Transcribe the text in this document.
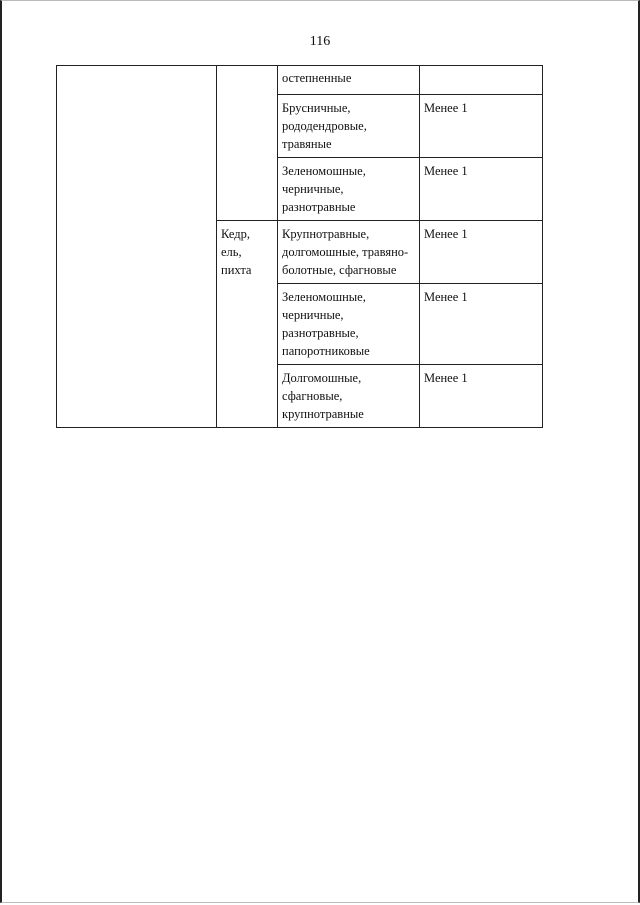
116

		остепненные	

		Брусничные,
рододендровые,
травяные	Менее 1

		Зеленомошные,
черничные,
разнотравные	Менее 1

	Кедр,
ель,
пихта	Крупнотравные,
долгомошные, травяно-
болотные, сфагновые	Менее 1

		Зеленомошные,
черничные,
разнотравные,
папоротниковые	Менее 1

		Долгомошные,
сфагновые,
крупнотравные	Менее 1
